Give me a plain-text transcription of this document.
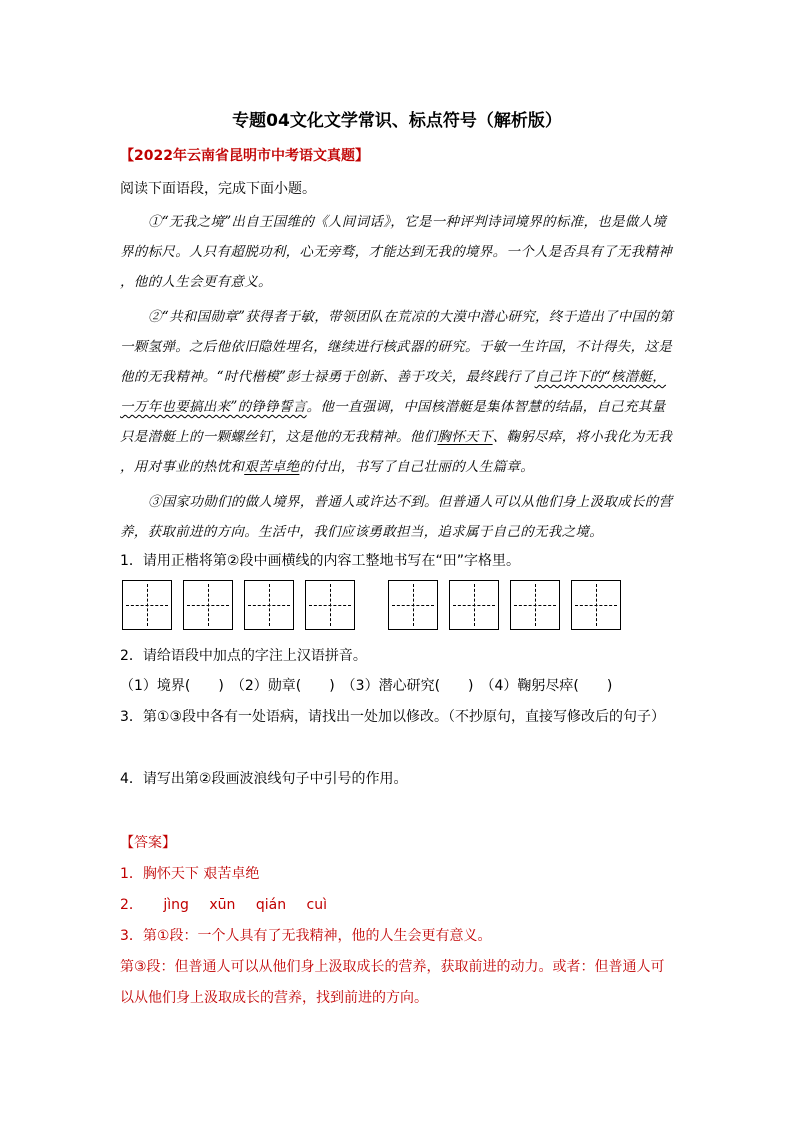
专题04文化文学常识、标点符号（解析版）
【2022年云南省昆明市中考语文真题】
阅读下面语段，完成下面小题。
①“无我之境”出自王国维的《人间词话》，它是一种评判诗词境界的标准，也是做人境
界的标尺。人只有超脱功利，心无旁骛，才能达到无我的境界。一个人是否具有了无我精神
，他的人生会更有意义。
②“共和国勋章”获得者于敏，带领团队在荒凉的大漠中潜心研究，终于造出了中国的第
一颗氢弹。之后他依旧隐姓埋名，继续进行核武器的研究。于敏一生许国，不计得失，这是
他的无我精神。“时代楷模”彭士禄勇于创新、善于攻关，最终践行了自己许下的“核潜艇，
一万年也要搞出来”的铮铮誓言。他一直强调，中国核潜艇是集体智慧的结晶，自己充其量
只是潜艇上的一颗螺丝钉，这是他的无我精神。他们胸怀天下、鞠躬尽瘁，将小我化为无我
，用对事业的热忱和艰苦卓绝的付出，书写了自己壮丽的人生篇章。
③国家功勋们的做人境界，普通人或许达不到。但普通人可以从他们身上汲取成长的营
养，获取前进的方向。生活中，我们应该勇敢担当，追求属于自己的无我之境。
1．请用正楷将第②段中画横线的内容工整地书写在“田”字格里。
2．请给语段中加点的字注上汉语拼音。
（1）境界(　　)　（2）勋章(　　)　（3）潜心研究(　　)　（4）鞠躬尽瘁(　　)
3．第①③段中各有一处语病，请找出一处加以修改。（不抄原句，直接写修改后的句子）
4．请写出第②段画波浪线句子中引号的作用。
【答案】
1．胸怀天下 艰苦卓绝
2． jìng xūn qián cuì
3．第①段：一个人具有了无我精神，他的人生会更有意义。
第③段：但普通人可以从他们身上汲取成长的营养，获取前进的动力。或者：但普通人可
以从他们身上汲取成长的营养，找到前进的方向。
